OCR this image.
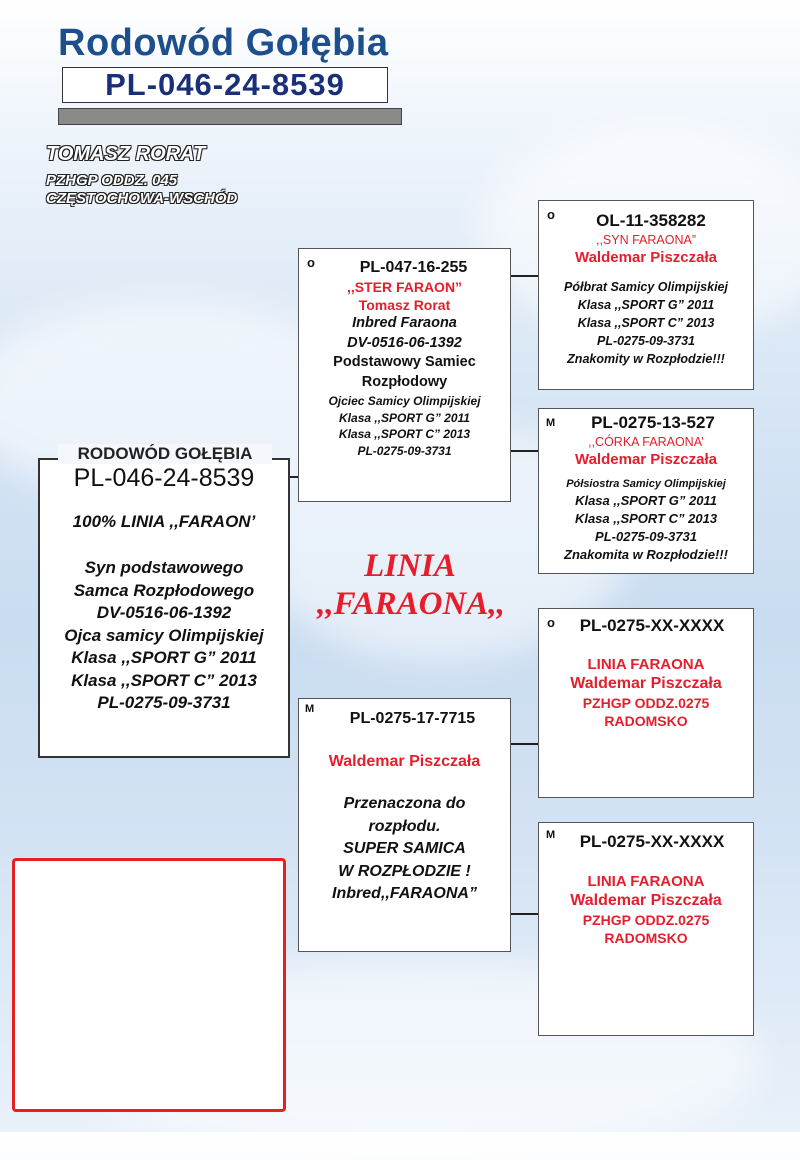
Rodowód Gołębia
PL-046-24-8539
TOMASZ RORAT
PZHGP ODDZ. 045
CZĘSTOCHOWA-WSCHÓD
RODOWÓD GOŁĘBIA
PL-046-24-8539
100% LINIA ,,FARAON’
Syn podstawowego
Samca Rozpłodowego
DV-0516-06-1392
Ojca samicy Olimpijskiej
Klasa ,,SPORT G” 2011
Klasa ,,SPORT C” 2013
PL-0275-09-3731
o	PL-047-16-255
,,STER FARAON”
Tomasz Rorat
Inbred Faraona
DV-0516-06-1392
Podstawowy Samiec
Rozpłodowy
Ojciec Samicy Olimpijskiej
Klasa ,,SPORT G” 2011
Klasa ,,SPORT C” 2013
PL-0275-09-3731
M
PL-0275-17-7715
Waldemar Piszczała
Przenaczona do
rozpłodu.
SUPER SAMICA
W ROZPŁODZIE !
Inbred,,FARAONA”
o	OL-11-358282
,,SYN FARAONA”
Waldemar Piszczała
Półbrat Samicy Olimpijskiej
Klasa ,,SPORT G” 2011
Klasa ,,SPORT C” 2013
PL-0275-09-3731
Znakomity w Rozpłodzie!!!
M	PL-0275-13-527
,,CÓRKA FARAONA’
Waldemar Piszczała
Półsiostra Samicy Olimpijskiej
Klasa ,,SPORT G” 2011
Klasa ,,SPORT C” 2013
PL-0275-09-3731
Znakomita w Rozpłodzie!!!
o	PL-0275-XX-XXXX
LINIA FARAONA
Waldemar Piszczała
PZHGP ODDZ.0275
RADOMSKO
M	PL-0275-XX-XXXX
LINIA FARAONA
Waldemar Piszczała
PZHGP ODDZ.0275
RADOMSKO
LINIA
,,FARAONA,,
